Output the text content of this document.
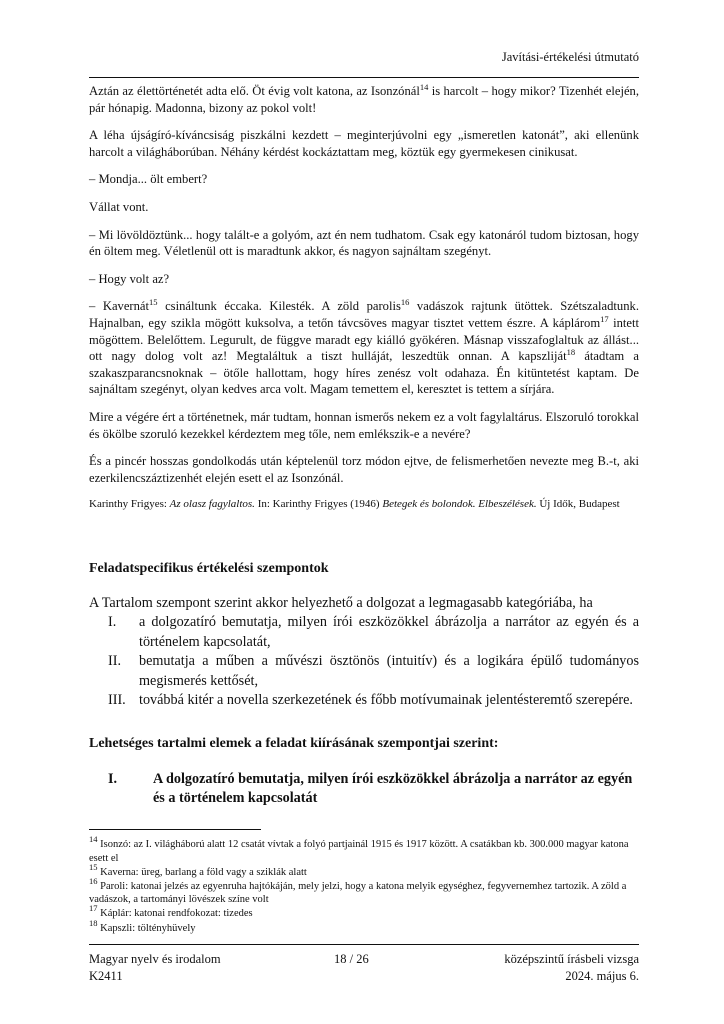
Javítási-értékelési útmutató

Aztán az élettörténetét adta elő. Öt évig volt katona, az Isonzónál$^{14}$ is harcolt – hogy mikor? Tizenhét elején, pár hónapig. Madonna, bizony az pokol volt!

A léha újságíró-kíváncsiság piszkálni kezdett – meginterjúvolni egy „ismeretlen katonát”, aki ellenünk harcolt a világháborúban. Néhány kérdést kockáztattam meg, köztük egy gyermekesen cinikusat.

– Mondja... ölt embert?

Vállat vont.

– Mi lövöldöztünk... hogy talált-e a golyóm, azt én nem tudhatom. Csak egy katonáról tudom biztosan, hogy én öltem meg. Véletlenül ott is maradtunk akkor, és nagyon sajnáltam szegényt.

– Hogy volt az?

– Kavernát$^{15}$ csináltunk éccaka. Kilesték. A zöld parolis$^{16}$ vadászok rajtunk ütöttek. Szétszaladtunk. Hajnalban, egy szikla mögött kuksolva, a tetőn távcsöves magyar tisztet vettem észre. A káplárom$^{17}$ intett mögöttem. Belelőttem. Legurult, de függve maradt egy kiálló gyökéren. Másnap visszafoglaltuk az állást... ott nagy dolog volt az! Megtaláltuk a tiszt hulláját, leszedtük onnan. A kapszliját$^{18}$ átadtam a szakaszparancsnoknak – ötőle hallottam, hogy híres zenész volt odahaza. Én kitüntetést kaptam. De sajnáltam szegényt, olyan kedves arca volt. Magam temettem el, keresztet is tettem a sírjára.

Mire a végére ért a történetnek, már tudtam, honnan ismerős nekem ez a volt fagylaltárus. Elszoruló torokkal és ökölbe szoruló kezekkel kérdeztem meg tőle, nem emlékszik-e a nevére?

És a pincér hosszas gondolkodás után képtelenül torz módon ejtve, de felismerhetően nevezte meg B.-t, aki ezerkilencszáztizenhét elején esett el az Isonzónál.

Karinthy Frigyes: Az olasz fagylaltos. In: Karinthy Frigyes (1946) Betegek és bolondok. Elbeszélések. Új Idők, Budapest

Feladatspecifikus értékelési szempontok

A Tartalom szempont szerint akkor helyezhető a dolgozat a legmagasabb kategóriába, ha

I.	a dolgozatíró bemutatja, milyen írói eszközökkel ábrázolja a narrátor az egyén és a történelem kapcsolatát,
II.	bemutatja a műben a művészi ösztönös (intuitív) és a logikára épülő tudományos megismerés kettősét,
III. továbbá kitér a novella szerkezetének és főbb motívumainak jelentésteremtő szerepére.
Lehetséges tartalmi elemek a feladat kiírásának szempontjai szerint:
I.	A dolgozatíró bemutatja, milyen írói eszközökkel ábrázolja a narrátor az egyén és a történelem kapcsolatát
$^{14}$ Isonzó: az I. világháború alatt 12 csatát vívtak a folyó partjainál 1915 és 1917 között. A csatákban kb. 300.000 magyar katona esett el
$^{15}$ Kaverna: üreg, barlang a föld vagy a sziklák alatt
$^{16}$ Paroli: katonai jelzés az egyenruha hajtókáján, mely jelzi, hogy a katona melyik egységhez, fegyvernemhez tartozik. A zöld a vadászok, a tartományi lövészek színe volt
$^{17}$ Káplár: katonai rendfokozat: tizedes
$^{18}$ Kapszli: töltényhüvely
Magyar nyelv és irodalom
K2411
18 / 26	középszintű írásbeli vizsga
2024. május 6.
